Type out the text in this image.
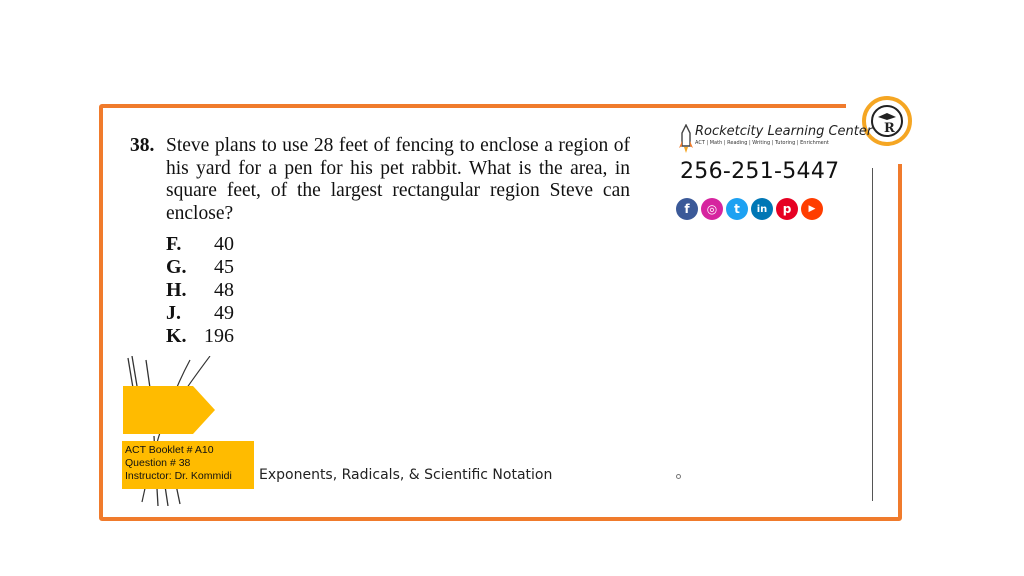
R
38. Steve plans to use 28 feet of fencing to enclose a region of his yard for a pen for his pet rabbit. What is the area, in square feet, of the largest rectangular region Steve can enclose?
F.	40
G.	45
H.	48
J.	49
K. 196
Rocketcity Learning Center
ACT | Math | Reading | Writing | Tutoring | Enrichment
256-251-5447
f	◎	t	in	p	▶
ACT Booklet # A10
Question # 38
Instructor: Dr. Kommidi	Exponents, Radicals, & Scientific Notation
